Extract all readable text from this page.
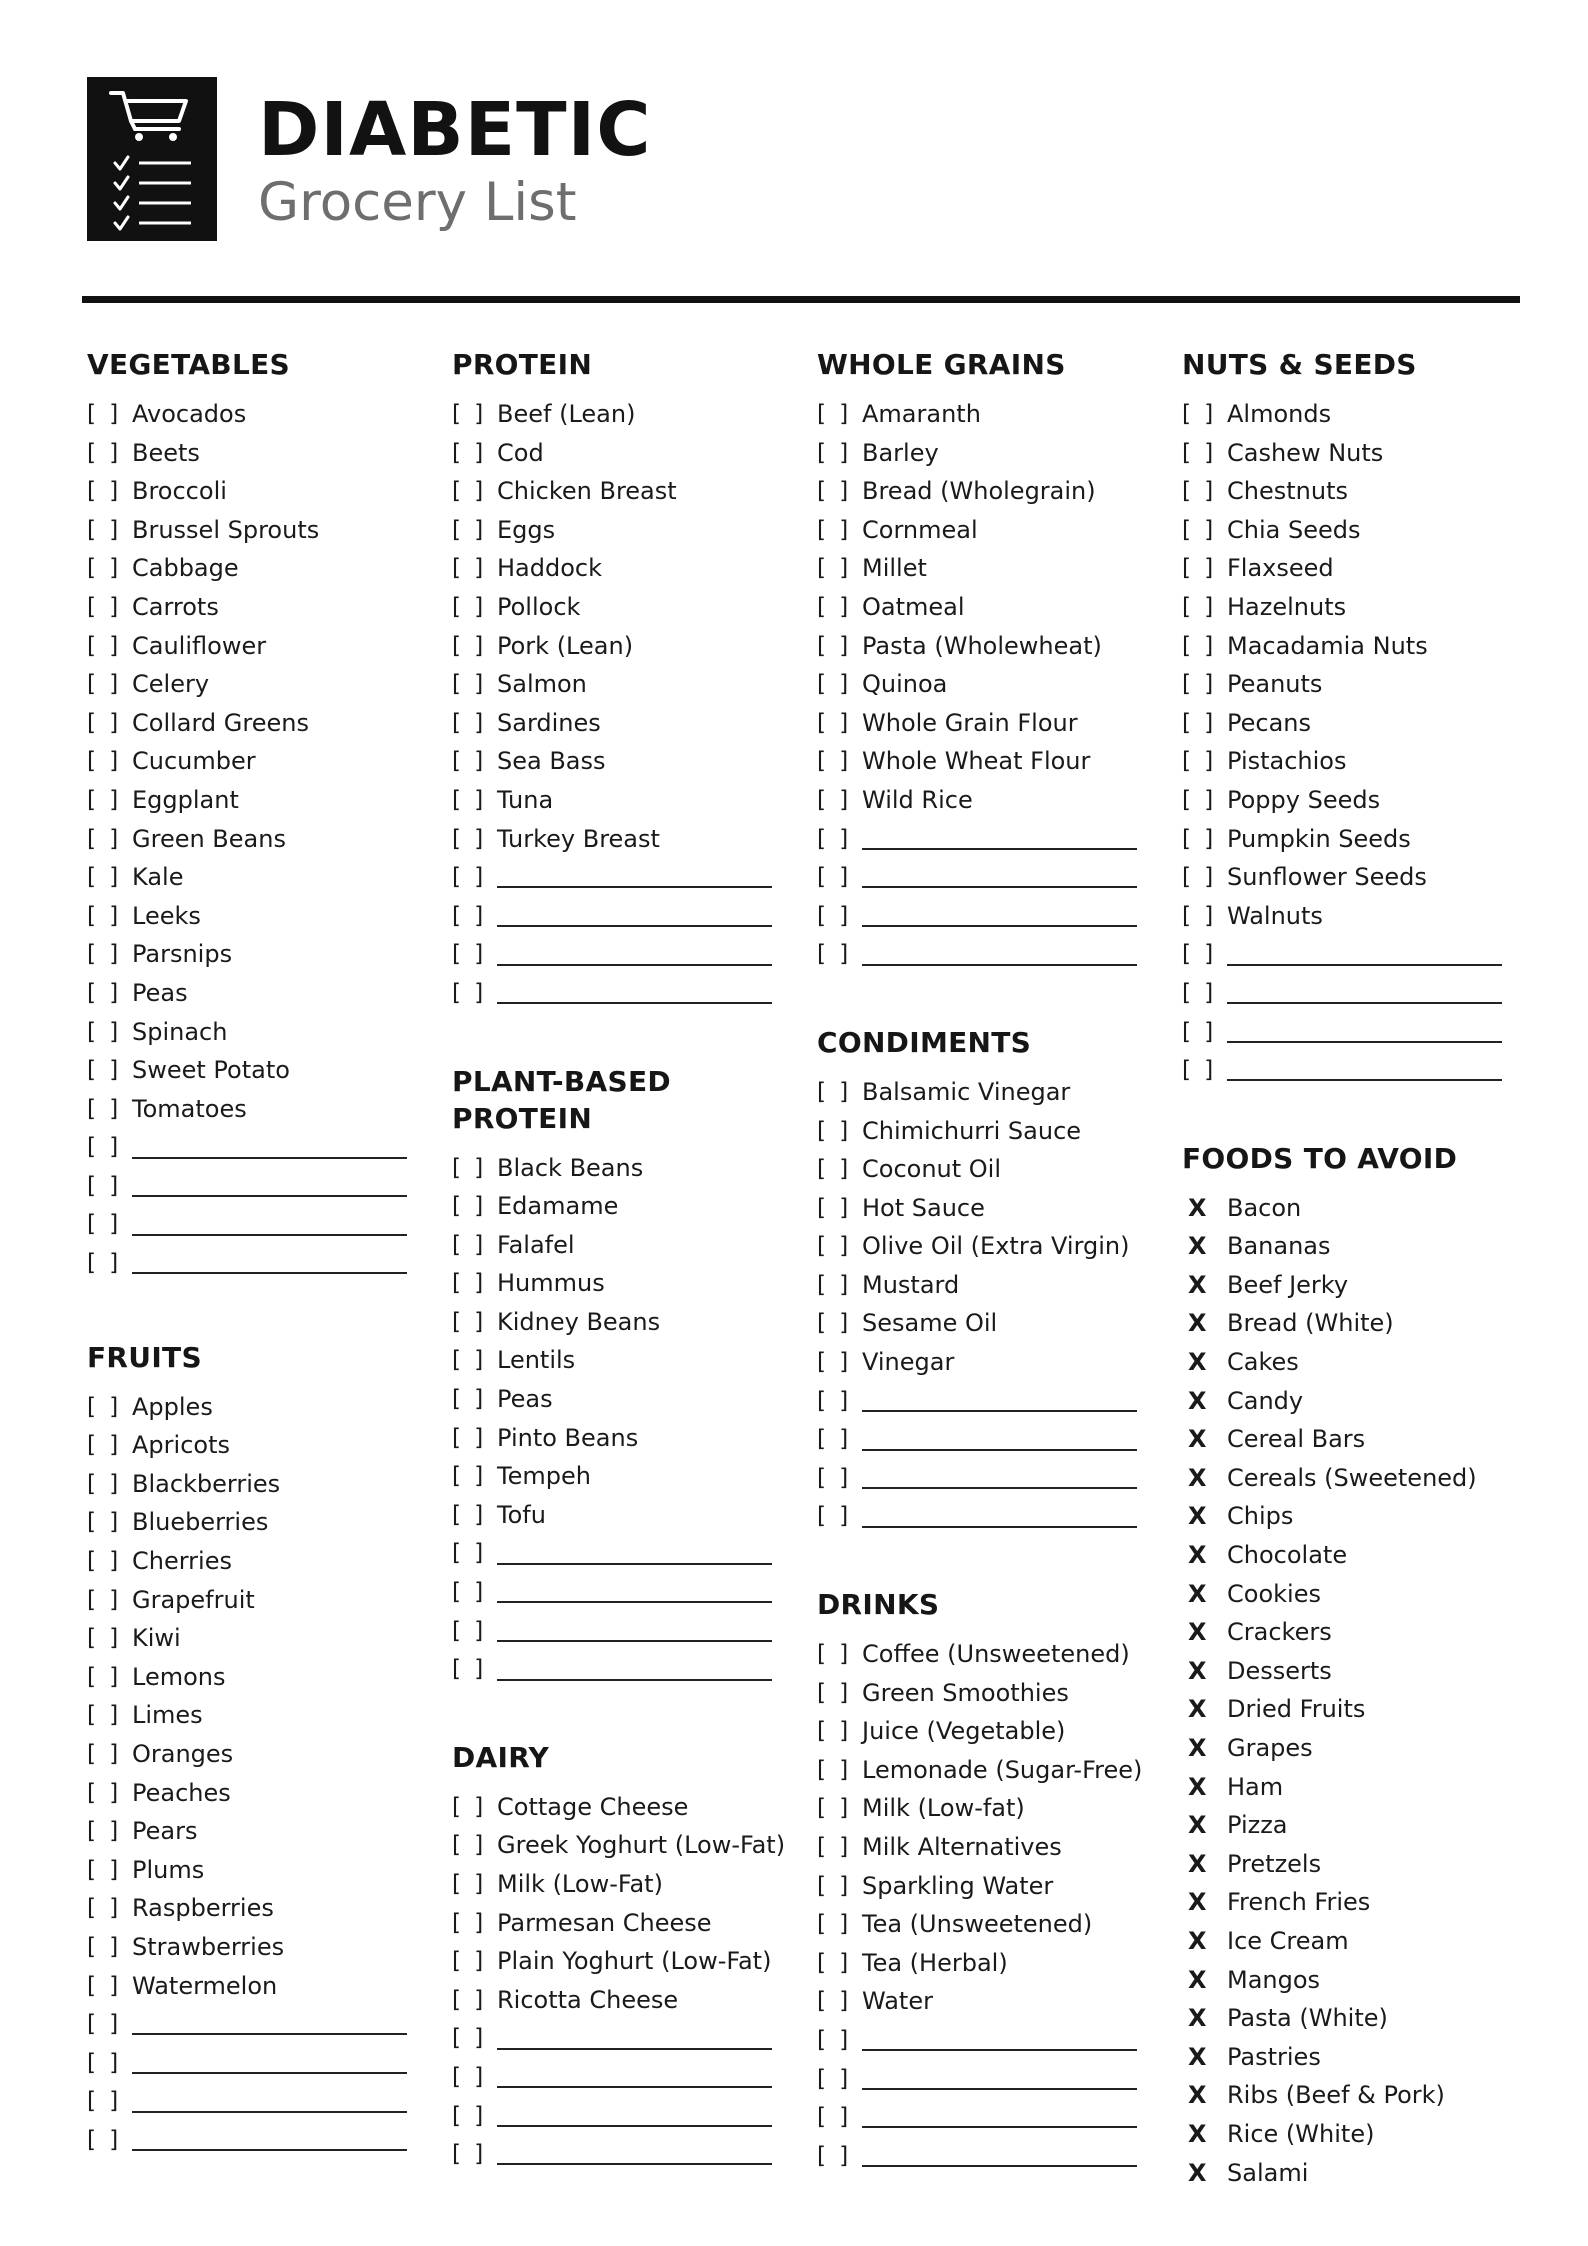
DIABETIC
Grocery List
VEGETABLES
[ ] Avocados
[ ] Beets
[ ] Broccoli
[ ] Brussel Sprouts
[ ] Cabbage
[ ] Carrots
[ ] Cauliflower
[ ] Celery
[ ] Collard Greens
[ ] Cucumber
[ ] Eggplant
[ ] Green Beans
[ ] Kale
[ ] Leeks
[ ] Parsnips
[ ] Peas
[ ] Spinach
[ ] Sweet Potato
[ ] Tomatoes
[ ]
[ ]
[ ]
[ ]
FRUITS
[ ] Apples
[ ] Apricots
[ ] Blackberries
[ ] Blueberries
[ ] Cherries
[ ] Grapefruit
[ ] Kiwi
[ ] Lemons
[ ] Limes
[ ] Oranges
[ ] Peaches
[ ] Pears
[ ] Plums
[ ] Raspberries
[ ] Strawberries
[ ] Watermelon
[ ]
[ ]
[ ]
[ ]
PROTEIN
[ ] Beef (Lean)
[ ] Cod
[ ] Chicken Breast
[ ] Eggs
[ ] Haddock
[ ] Pollock
[ ] Pork (Lean)
[ ] Salmon
[ ] Sardines
[ ] Sea Bass
[ ] Tuna
[ ] Turkey Breast
[ ]
[ ]
[ ]
[ ]
PLANT-BASED
PROTEIN
[ ] Black Beans
[ ] Edamame
[ ] Falafel
[ ] Hummus
[ ] Kidney Beans
[ ] Lentils
[ ] Peas
[ ] Pinto Beans
[ ] Tempeh
[ ] Tofu
[ ]
[ ]
[ ]
[ ]
DAIRY
[ ] Cottage Cheese
[ ] Greek Yoghurt (Low-Fat)
[ ] Milk (Low-Fat)
[ ] Parmesan Cheese
[ ] Plain Yoghurt (Low-Fat)
[ ] Ricotta Cheese
[ ]
[ ]
[ ]
[ ]
WHOLE GRAINS
[ ] Amaranth
[ ] Barley
[ ] Bread (Wholegrain)
[ ] Cornmeal
[ ] Millet
[ ] Oatmeal
[ ] Pasta (Wholewheat)
[ ] Quinoa
[ ] Whole Grain Flour
[ ] Whole Wheat Flour
[ ] Wild Rice
[ ]
[ ]
[ ]
[ ]
CONDIMENTS
[ ] Balsamic Vinegar
[ ] Chimichurri Sauce
[ ] Coconut Oil
[ ] Hot Sauce
[ ] Olive Oil (Extra Virgin)
[ ] Mustard
[ ] Sesame Oil
[ ] Vinegar
[ ]
[ ]
[ ]
[ ]
DRINKS
[ ] Coffee (Unsweetened)
[ ] Green Smoothies
[ ] Juice (Vegetable)
[ ] Lemonade (Sugar-Free)
[ ] Milk (Low-fat)
[ ] Milk Alternatives
[ ] Sparkling Water
[ ] Tea (Unsweetened)
[ ] Tea (Herbal)
[ ] Water
[ ]
[ ]
[ ]
[ ]
NUTS & SEEDS
[ ] Almonds
[ ] Cashew Nuts
[ ] Chestnuts
[ ] Chia Seeds
[ ] Flaxseed
[ ] Hazelnuts
[ ] Macadamia Nuts
[ ] Peanuts
[ ] Pecans
[ ] Pistachios
[ ] Poppy Seeds
[ ] Pumpkin Seeds
[ ] Sunflower Seeds
[ ] Walnuts
[ ]
[ ]
[ ]
[ ]
FOODS TO AVOID
X Bacon
X Bananas
X Beef Jerky
X Bread (White)
X Cakes
X Candy
X Cereal Bars
X Cereals (Sweetened)
X Chips
X Chocolate
X Cookies
X Crackers
X Desserts
X Dried Fruits
X Grapes
X Ham
X Pizza
X Pretzels
X French Fries
X Ice Cream
X Mangos
X Pasta (White)
X Pastries
X Ribs (Beef & Pork)
X Rice (White)
X Salami
